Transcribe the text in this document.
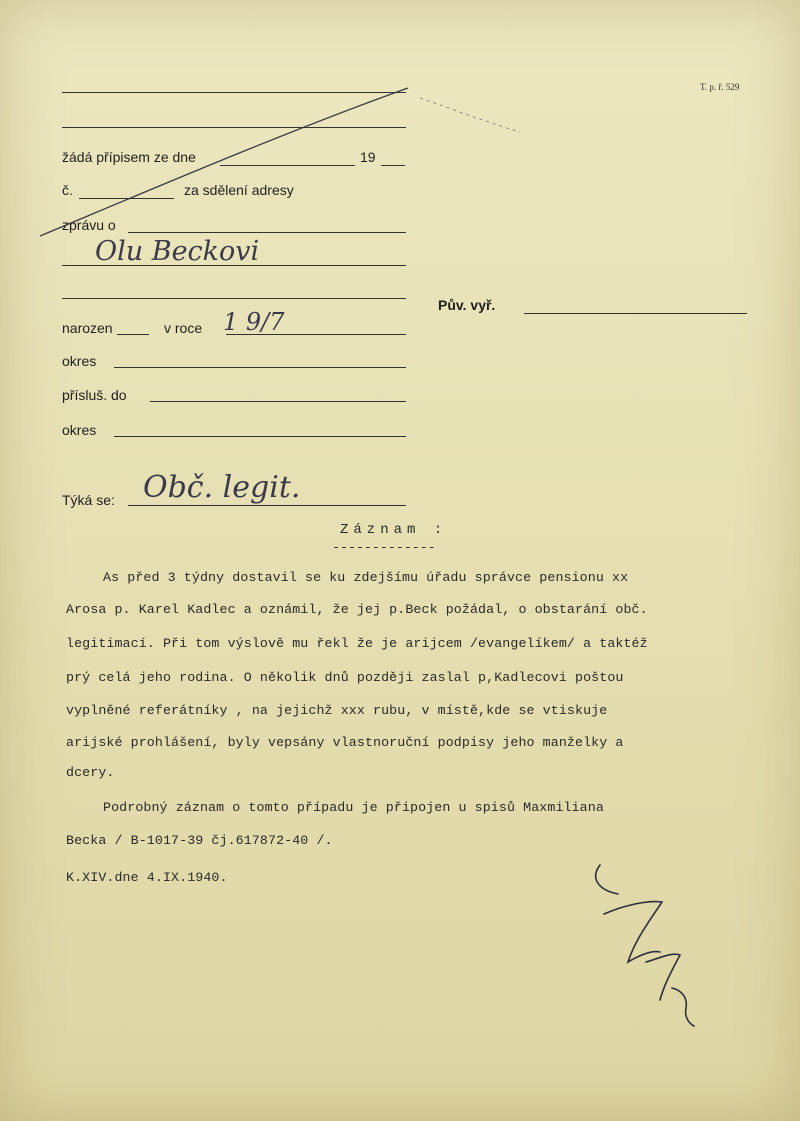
T. p. ř. 529
žádá přípisem ze dne	19
č.	za sdělení adresy
zprávu o
Olu Beckovi
Pův. vyř.
narozen	v roce 1 9/7
okres
přísluš. do
okres
Týká se: Obč. legit.
Záznam :
-------------
As před 3 týdny dostavil se ku zdejšímu úřadu správce pensionu xx
Arosa p. Karel Kadlec a oznámil, že jej p.Beck požádal, o obstarání obč.
legitimací. Při tom výslově mu řekl že je arijcem /evangelíkem/ a taktéž
prý celá jeho rodina. O několik dnů později zaslal p,Kadlecovi poštou
vyplněné referátníky , na jejichž xxx rubu, v místě,kde se vtiskuje
arijské prohlášení, byly vepsány vlastnoruční podpisy jeho manželky a
dcery.
Podrobný záznam o tomto případu je připojen u spisů Maxmiliana
Becka / B-1017-39 čj.617872-40 /.
K.XIV.dne 4.IX.1940.
